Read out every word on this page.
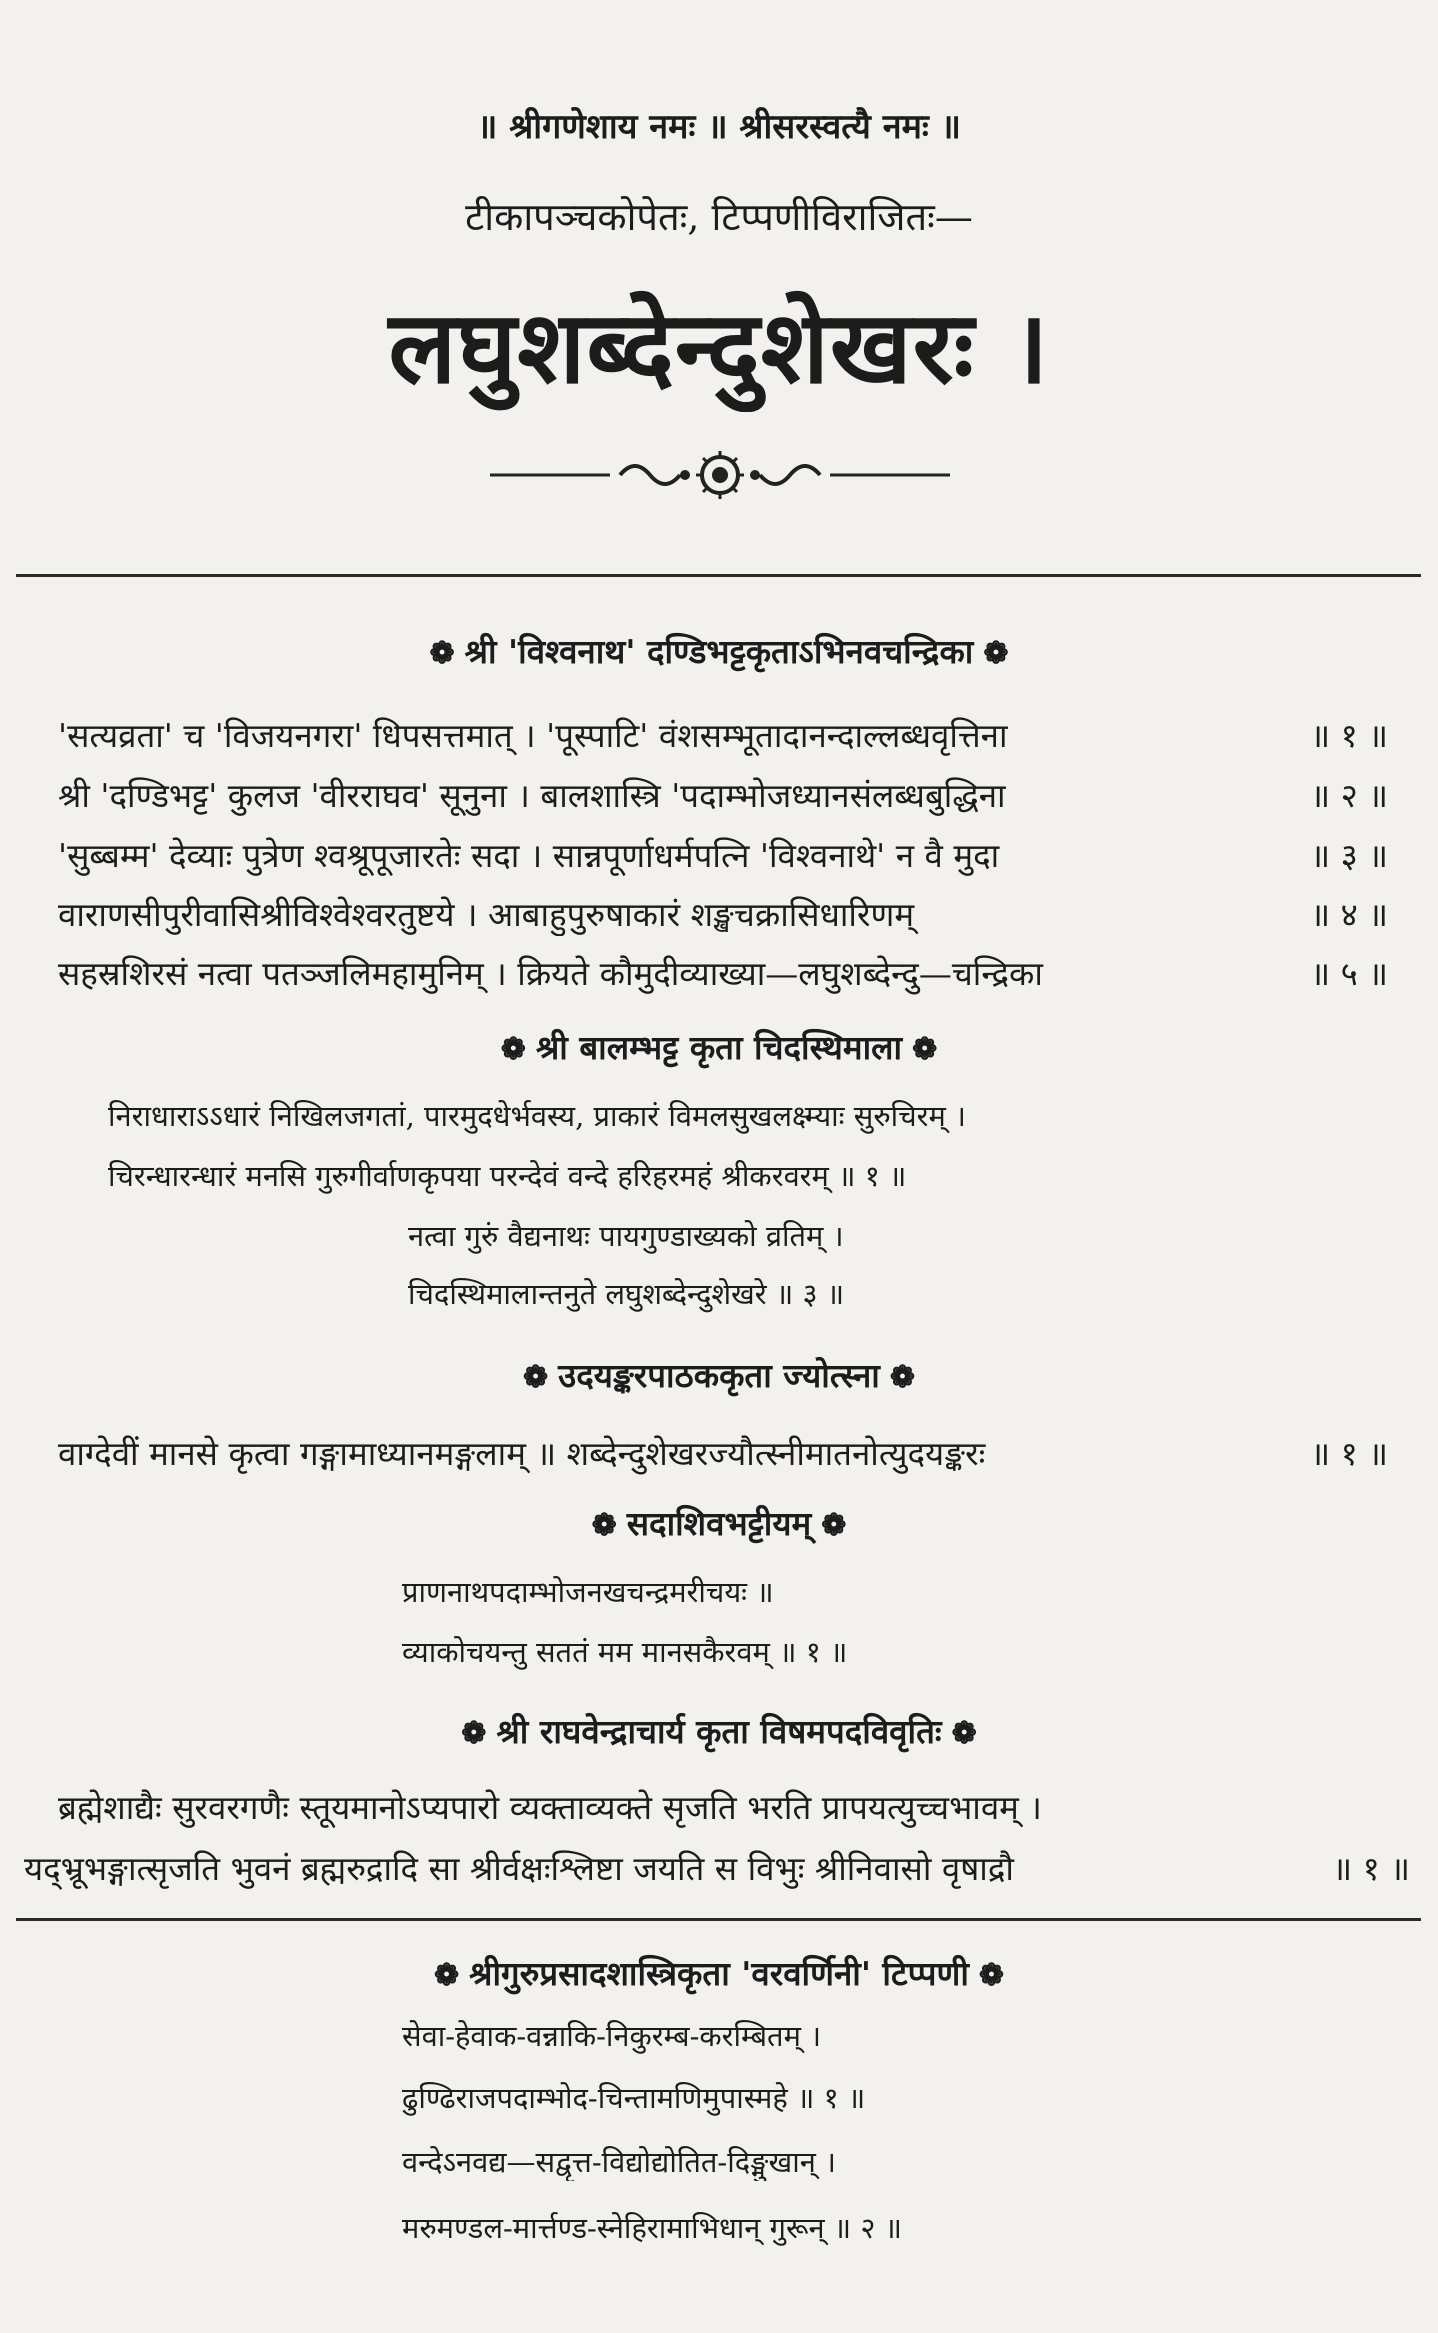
॥ श्रीगणेशाय नमः ॥ श्रीसरस्वत्यै नमः ॥
टीकापञ्चकोपेतः, टिप्पणीविराजितः—
लघुशब्देन्दुशेखरः ।
❁ श्री 'विश्वनाथ' दण्डिभट्टकृताऽभिनवचन्द्रिका ❁
'सत्यव्रता' च 'विजयनगरा' धिपसत्तमात् । 'पूस्पाटि' वंशसम्भूतादानन्दाल्लब्धवृत्तिना	॥ १ ॥
श्री 'दण्डिभट्ट' कुलज 'वीरराघव' सूनुना । बालशास्त्रि 'पदाम्भोजध्यानसंलब्धबुद्धिना	॥ २ ॥
'सुब्बम्म' देव्याः पुत्रेण श्वश्रूपूजारतेः सदा । सान्नपूर्णाधर्मपत्नि 'विश्वनाथे' न वै मुदा	॥ ३ ॥
वाराणसीपुरीवासिश्रीविश्वेश्वरतुष्टये । आबाहुपुरुषाकारं शङ्खचक्रासिधारिणम्	॥ ४ ॥
सहस्रशिरसं नत्वा पतञ्जलिमहामुनिम् । क्रियते कौमुदीव्याख्या—लघुशब्देन्दु—चन्द्रिका	॥ ५ ॥
❁ श्री बालम्भट्ट कृता चिदस्थिमाला ❁
निराधाराऽऽधारं निखिलजगतां, पारमुदधेर्भवस्य, प्राकारं विमलसुखलक्ष्म्याः सुरुचिरम् ।
चिरन्धारन्धारं मनसि गुरुगीर्वाणकृपया परन्देवं वन्दे हरिहरमहं श्रीकरवरम् ॥ १ ॥
नत्वा गुरुं वैद्यनाथः पायगुण्डाख्यको व्रतिम् ।
चिदस्थिमालान्तनुते लघुशब्देन्दुशेखरे ॥ ३ ॥
❁ उदयङ्करपाठककृता ज्योत्स्ना ❁
वाग्देवीं मानसे कृत्वा गङ्गामाध्यानमङ्गलाम् ॥ शब्देन्दुशेखरज्यौत्स्नीमातनोत्युदयङ्करः	॥ १ ॥
❁ सदाशिवभट्टीयम् ❁
प्राणनाथपदाम्भोजनखचन्द्रमरीचयः ॥
व्याकोचयन्तु सततं मम मानसकैरवम् ॥ १ ॥
❁ श्री राघवेन्द्राचार्य कृता विषमपदविवृतिः ❁
ब्रह्मेशाद्यैः सुरवरगणैः स्तूयमानोऽप्यपारो व्यक्ताव्यक्ते सृजति भरति प्रापयत्युच्चभावम् ।
यद्भ्रूभङ्गात्सृजति भुवनं ब्रह्मरुद्रादि सा श्रीर्वक्षःश्लिष्टा जयति स विभुः श्रीनिवासो वृषाद्रौ	॥ १ ॥
❁ श्रीगुरुप्रसादशास्त्रिकृता 'वरवर्णिनी' टिप्पणी ❁
सेवा-हेवाक-वन्नाकि-निकुरम्ब-करम्बितम् ।
ढुण्ढिराजपदाम्भोद-चिन्तामणिमुपास्महे ॥ १ ॥
वन्देऽनवद्य—सद्वृत्त-विद्योद्योतित-दिङ्मुखान् ।
मरुमण्डल-मार्त्तण्ड-स्नेहिरामाभिधान् गुरून् ॥ २ ॥
